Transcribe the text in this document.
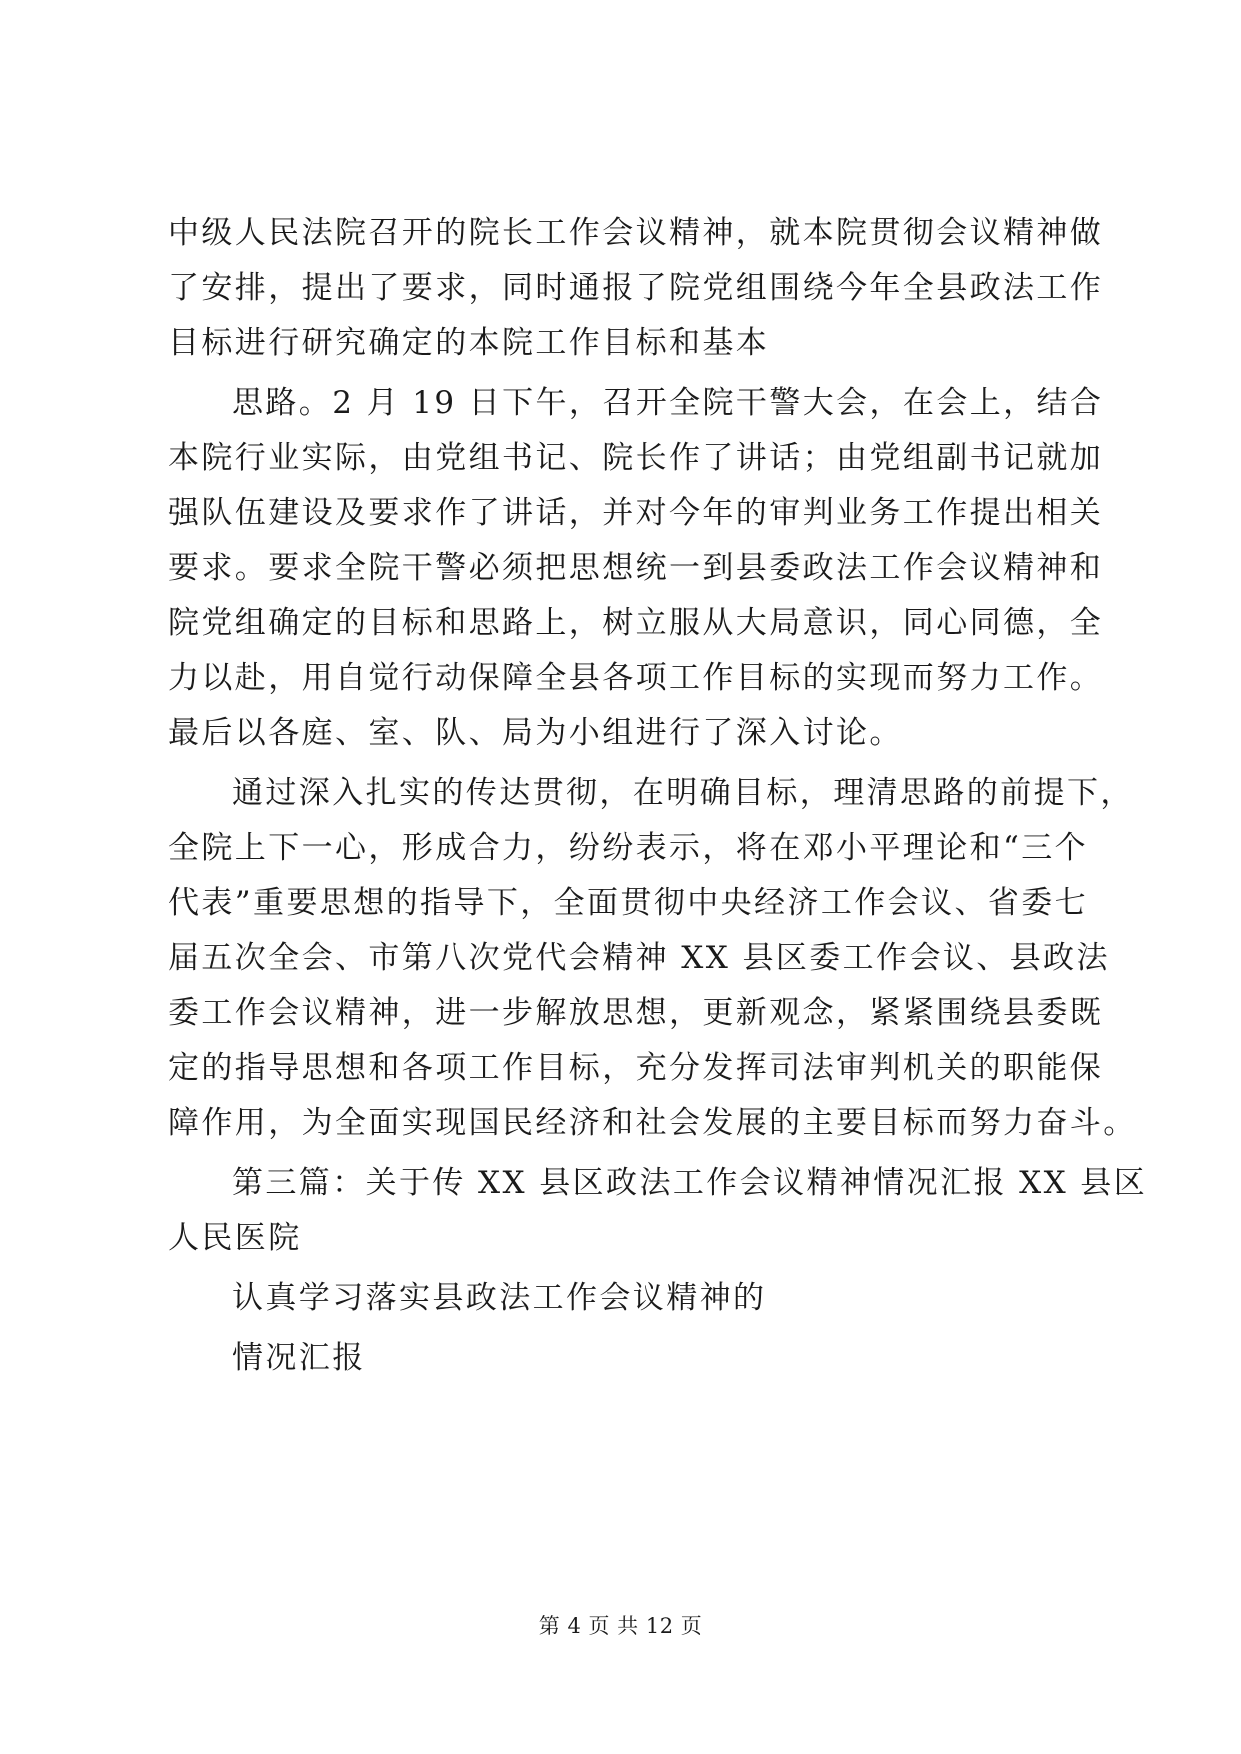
中级人民法院召开的院长工作会议精神，就本院贯彻会议精神做
了安排，提出了要求，同时通报了院党组围绕今年全县政法工作
目标进行研究确定的本院工作目标和基本
思路。2 月 19 日下午，召开全院干警大会，在会上，结合
本院行业实际，由党组书记、院长作了讲话；由党组副书记就加
强队伍建设及要求作了讲话，并对今年的审判业务工作提出相关
要求。要求全院干警必须把思想统一到县委政法工作会议精神和
院党组确定的目标和思路上，树立服从大局意识，同心同德，全
力以赴，用自觉行动保障全县各项工作目标的实现而努力工作。
最后以各庭、室、队、局为小组进行了深入讨论。
通过深入扎实的传达贯彻，在明确目标，理清思路的前提下，
全院上下一心，形成合力，纷纷表示，将在邓小平理论和“三个
代表”重要思想的指导下，全面贯彻中央经济工作会议、省委七
届五次全会、市第八次党代会精神 XX 县区委工作会议、县政法
委工作会议精神，进一步解放思想，更新观念，紧紧围绕县委既
定的指导思想和各项工作目标，充分发挥司法审判机关的职能保
障作用，为全面实现国民经济和社会发展的主要目标而努力奋斗。
第三篇：关于传 XX 县区政法工作会议精神情况汇报 XX 县区
人民医院
认真学习落实县政法工作会议精神的
情况汇报
第 4 页 共 12 页
